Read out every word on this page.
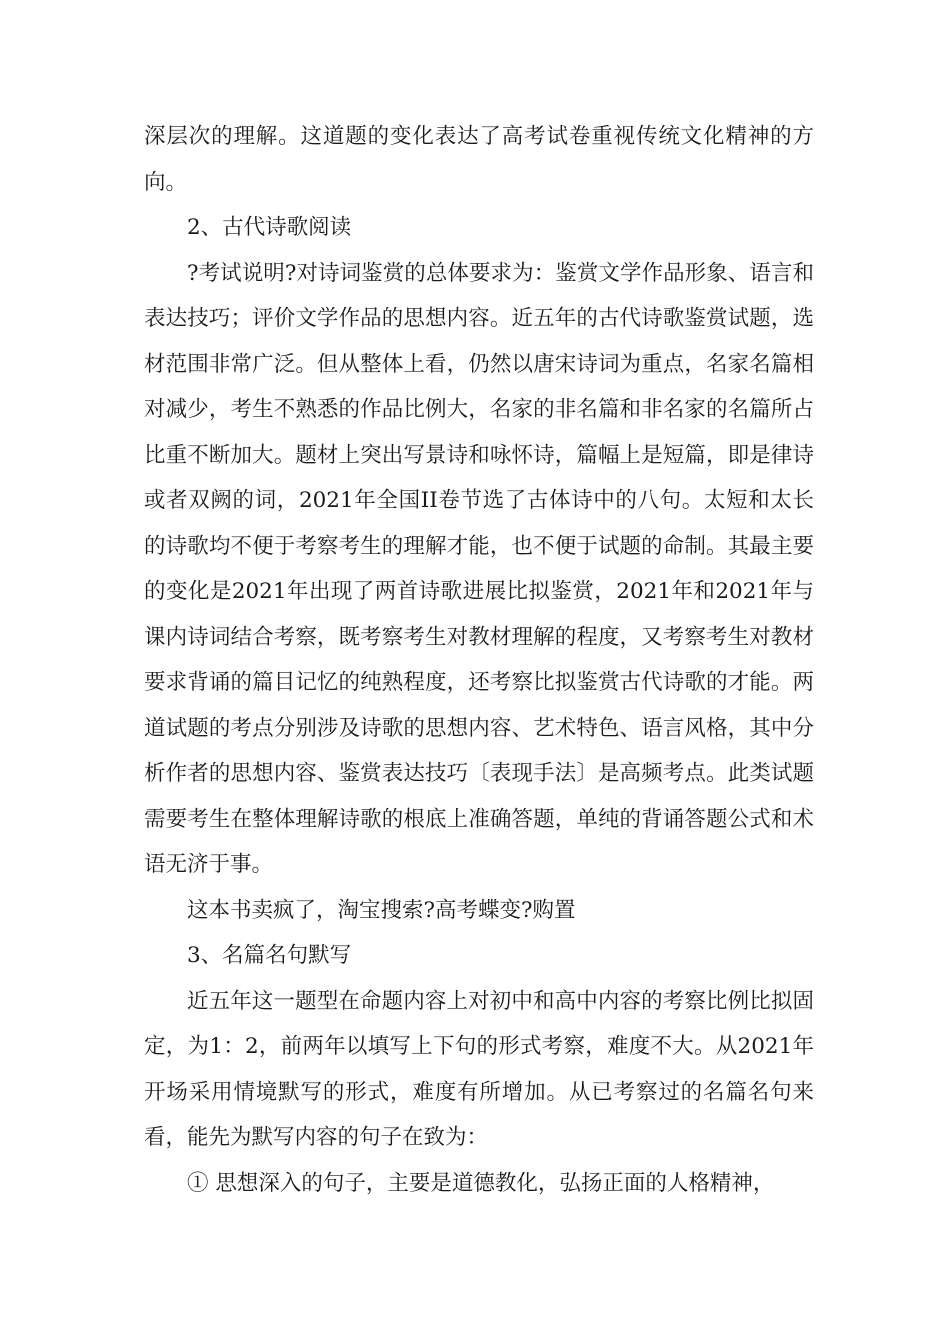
深层次的理解。这道题的变化表达了高考试卷重视传统文化精神的方向。

2、古代诗歌阅读

?考试说明?对诗词鉴赏的总体要求为：鉴赏文学作品形象、语言和表达技巧；评价文学作品的思想内容。近五年的古代诗歌鉴赏试题，选材范围非常广泛。但从整体上看，仍然以唐宋诗词为重点，名家名篇相对减少，考生不熟悉的作品比例大，名家的非名篇和非名家的名篇所占比重不断加大。题材上突出写景诗和咏怀诗，篇幅上是短篇，即是律诗或者双阙的词，2021年全国II卷节选了古体诗中的八句。太短和太长的诗歌均不便于考察考生的理解才能，也不便于试题的命制。其最主要的变化是2021年出现了两首诗歌进展比拟鉴赏，2021年和2021年与课内诗词结合考察，既考察考生对教材理解的程度，又考察考生对教材要求背诵的篇目记忆的纯熟程度，还考察比拟鉴赏古代诗歌的才能。两道试题的考点分别涉及诗歌的思想内容、艺术特色、语言风格，其中分析作者的思想内容、鉴赏表达技巧〔表现手法〕是高频考点。此类试题需要考生在整体理解诗歌的根底上准确答题，单纯的背诵答题公式和术语无济于事。

这本书卖疯了，淘宝搜索?高考蝶变?购置

3、名篇名句默写

近五年这一题型在命题内容上对初中和高中内容的考察比例比拟固定，为1：2，前两年以填写上下句的形式考察，难度不大。从2021年开场采用情境默写的形式，难度有所增加。从已考察过的名篇名句来看，能先为默写内容的句子在致为：

① 思想深入的句子，主要是道德教化，弘扬正面的人格精神，
